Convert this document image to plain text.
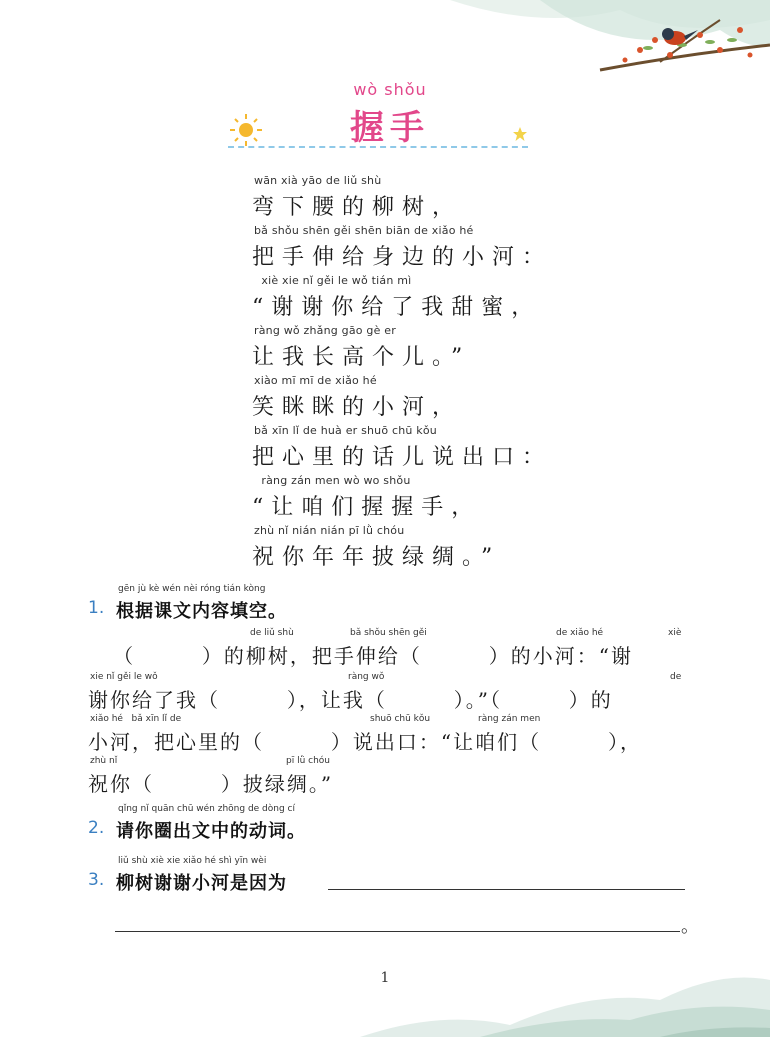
wò shǒu
握手
wān xià yāo de liǔ shù
弯下腰的柳树，
bǎ shǒu shēn gěi shēn biān de xiǎo hé
把手伸给身边的小河：
xiè xie nǐ gěi le wǒ tián mì
“谢谢你给了我甜蜜，
ràng wǒ zhǎng gāo gè er
让我长高个儿。”
xiào mī mī de xiǎo hé
笑眯眯的小河，
bǎ xīn lǐ de huà er shuō chū kǒu
把心里的话儿说出口：
ràng zán men wò wo shǒu
“让咱们握握手，
zhù nǐ nián nián pī lǜ chóu
祝你年年披绿绸。”
gēn jù kè wén nèi róng tián kòng
1. 根据课文内容填空。
de liǔ shù	bǎ shǒu shēn gěi	de xiǎo hé	xiè
（        ）的柳树，把手伸给（        ）的小河：“谢
xie nǐ gěi le wǒ	ràng wǒ	de
谢你给了我（        ），让我（        ）。”（        ）的
xiǎo hé   bǎ xīn lǐ de	shuō chū kǒu	ràng zán men
小河，把心里的（        ）说出口：“让咱们（        ），
zhù nǐ	pī lǜ chóu
祝你（        ）披绿绸。”
qǐng nǐ quān chū wén zhōng de dòng cí
2. 请你圈出文中的动词。
liǔ shù xiè xie xiǎo hé shì yīn wèi
3. 柳树谢谢小河是因为
。
1
